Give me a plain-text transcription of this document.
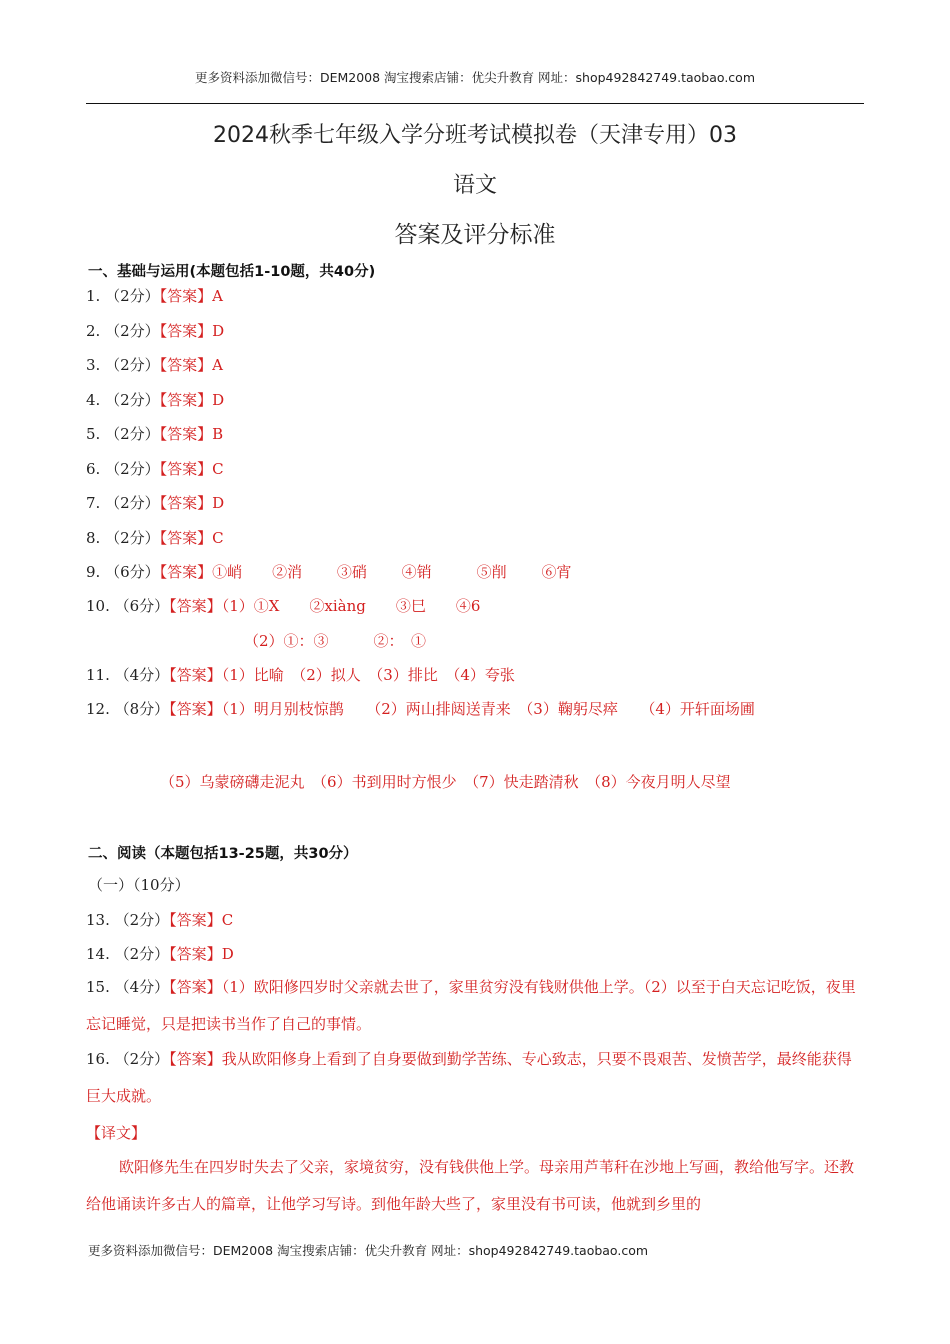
更多资料添加微信号：DEM2008 淘宝搜索店铺：优尖升教育 网址：shop492842749.taobao.com
2024秋季七年级入学分班考试模拟卷（天津专用）03
语文
答案及评分标准
一、基础与运用(本题包括1-10题，共40分)
1. （2分）【答案】A
2. （2分）【答案】D
3. （2分）【答案】A
4. （2分）【答案】D
5. （2分）【答案】B
6. （2分）【答案】C
7. （2分）【答案】D
8. （2分）【答案】C
9. （6分）【答案】①峭　　②消　　 ③硝　　 ④销　　　⑤削　　 ⑥宵
10. （6分）【答案】（1）①X　　②xiàng　　③巳　　④6
（2）①：③　　　②：　①
11. （4分）【答案】（1）比喻　（2）拟人　（3）排比　（4）夸张
12. （8分）【答案】（1）明月别枝惊鹊　　（2）两山排闼送青来　（3）鞠躬尽瘁　　（4）开轩面场圃
（5）乌蒙磅礴走泥丸　（6）书到用时方恨少　（7）快走踏清秋　（8）今夜月明人尽望
二、阅读（本题包括13-25题，共30分）
（一）（10分）
13. （2分）【答案】C
14. （2分）【答案】D
15. （4分）【答案】（1）欧阳修四岁时父亲就去世了，家里贫穷没有钱财供他上学。（2）以至于白天忘记吃饭，夜里忘记睡觉，只是把读书当作了自己的事情。
16. （2分）【答案】我从欧阳修身上看到了自身要做到勤学苦练、专心致志，只要不畏艰苦、发愤苦学，最终能获得巨大成就。
【译文】
欧阳修先生在四岁时失去了父亲，家境贫穷，没有钱供他上学。母亲用芦苇秆在沙地上写画，教给他写字。还教给他诵读许多古人的篇章，让他学习写诗。到他年龄大些了，家里没有书可读，他就到乡里的
更多资料添加微信号：DEM2008 淘宝搜索店铺：优尖升教育 网址：shop492842749.taobao.com
